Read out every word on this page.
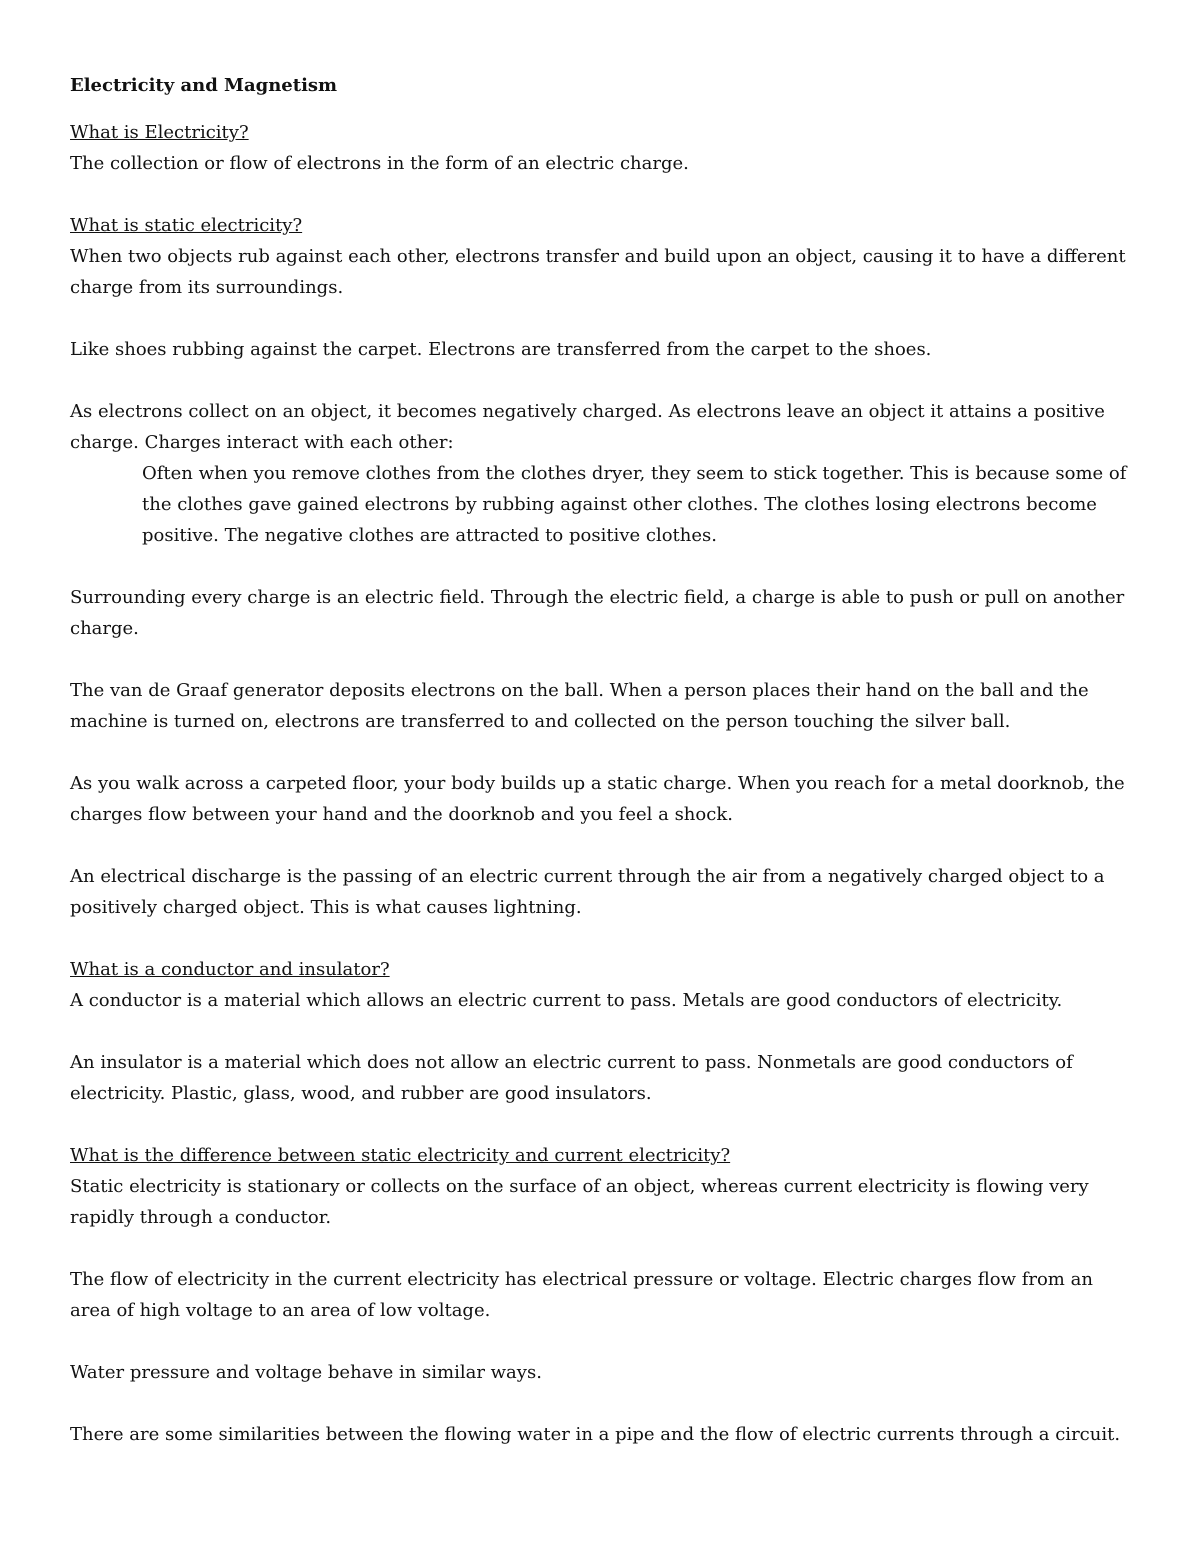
Electricity and Magnetism
What is Electricity?

The collection or flow of electrons in the form of an electric charge.

What is static electricity?

When two objects rub against each other, electrons transfer and build upon an object, causing it to have a different charge from its surroundings.

Like shoes rubbing against the carpet. Electrons are transferred from the carpet to the shoes.

As electrons collect on an object, it becomes negatively charged. As electrons leave an object it attains a positive charge. Charges interact with each other:

Often when you remove clothes from the clothes dryer, they seem to stick together. This is because some of the clothes gave gained electrons by rubbing against other clothes. The clothes losing electrons become positive. The negative clothes are attracted to positive clothes.

Surrounding every charge is an electric field. Through the electric field, a charge is able to push or pull on another charge.

The van de Graaf generator deposits electrons on the ball. When a person places their hand on the ball and the machine is turned on, electrons are transferred to and collected on the person touching the silver ball.

As you walk across a carpeted floor, your body builds up a static charge. When you reach for a metal doorknob, the charges flow between your hand and the doorknob and you feel a shock.

An electrical discharge is the passing of an electric current through the air from a negatively charged object to a positively charged object. This is what causes lightning.

What is a conductor and insulator?

A conductor is a material which allows an electric current to pass. Metals are good conductors of electricity.

An insulator is a material which does not allow an electric current to pass. Nonmetals are good conductors of electricity. Plastic, glass, wood, and rubber are good insulators.

What is the difference between static electricity and current electricity?

Static electricity is stationary or collects on the surface of an object, whereas current electricity is flowing very rapidly through a conductor.

The flow of electricity in the current electricity has electrical pressure or voltage. Electric charges flow from an area of high voltage to an area of low voltage.

Water pressure and voltage behave in similar ways.

There are some similarities between the flowing water in a pipe and the flow of electric currents through a circuit.
